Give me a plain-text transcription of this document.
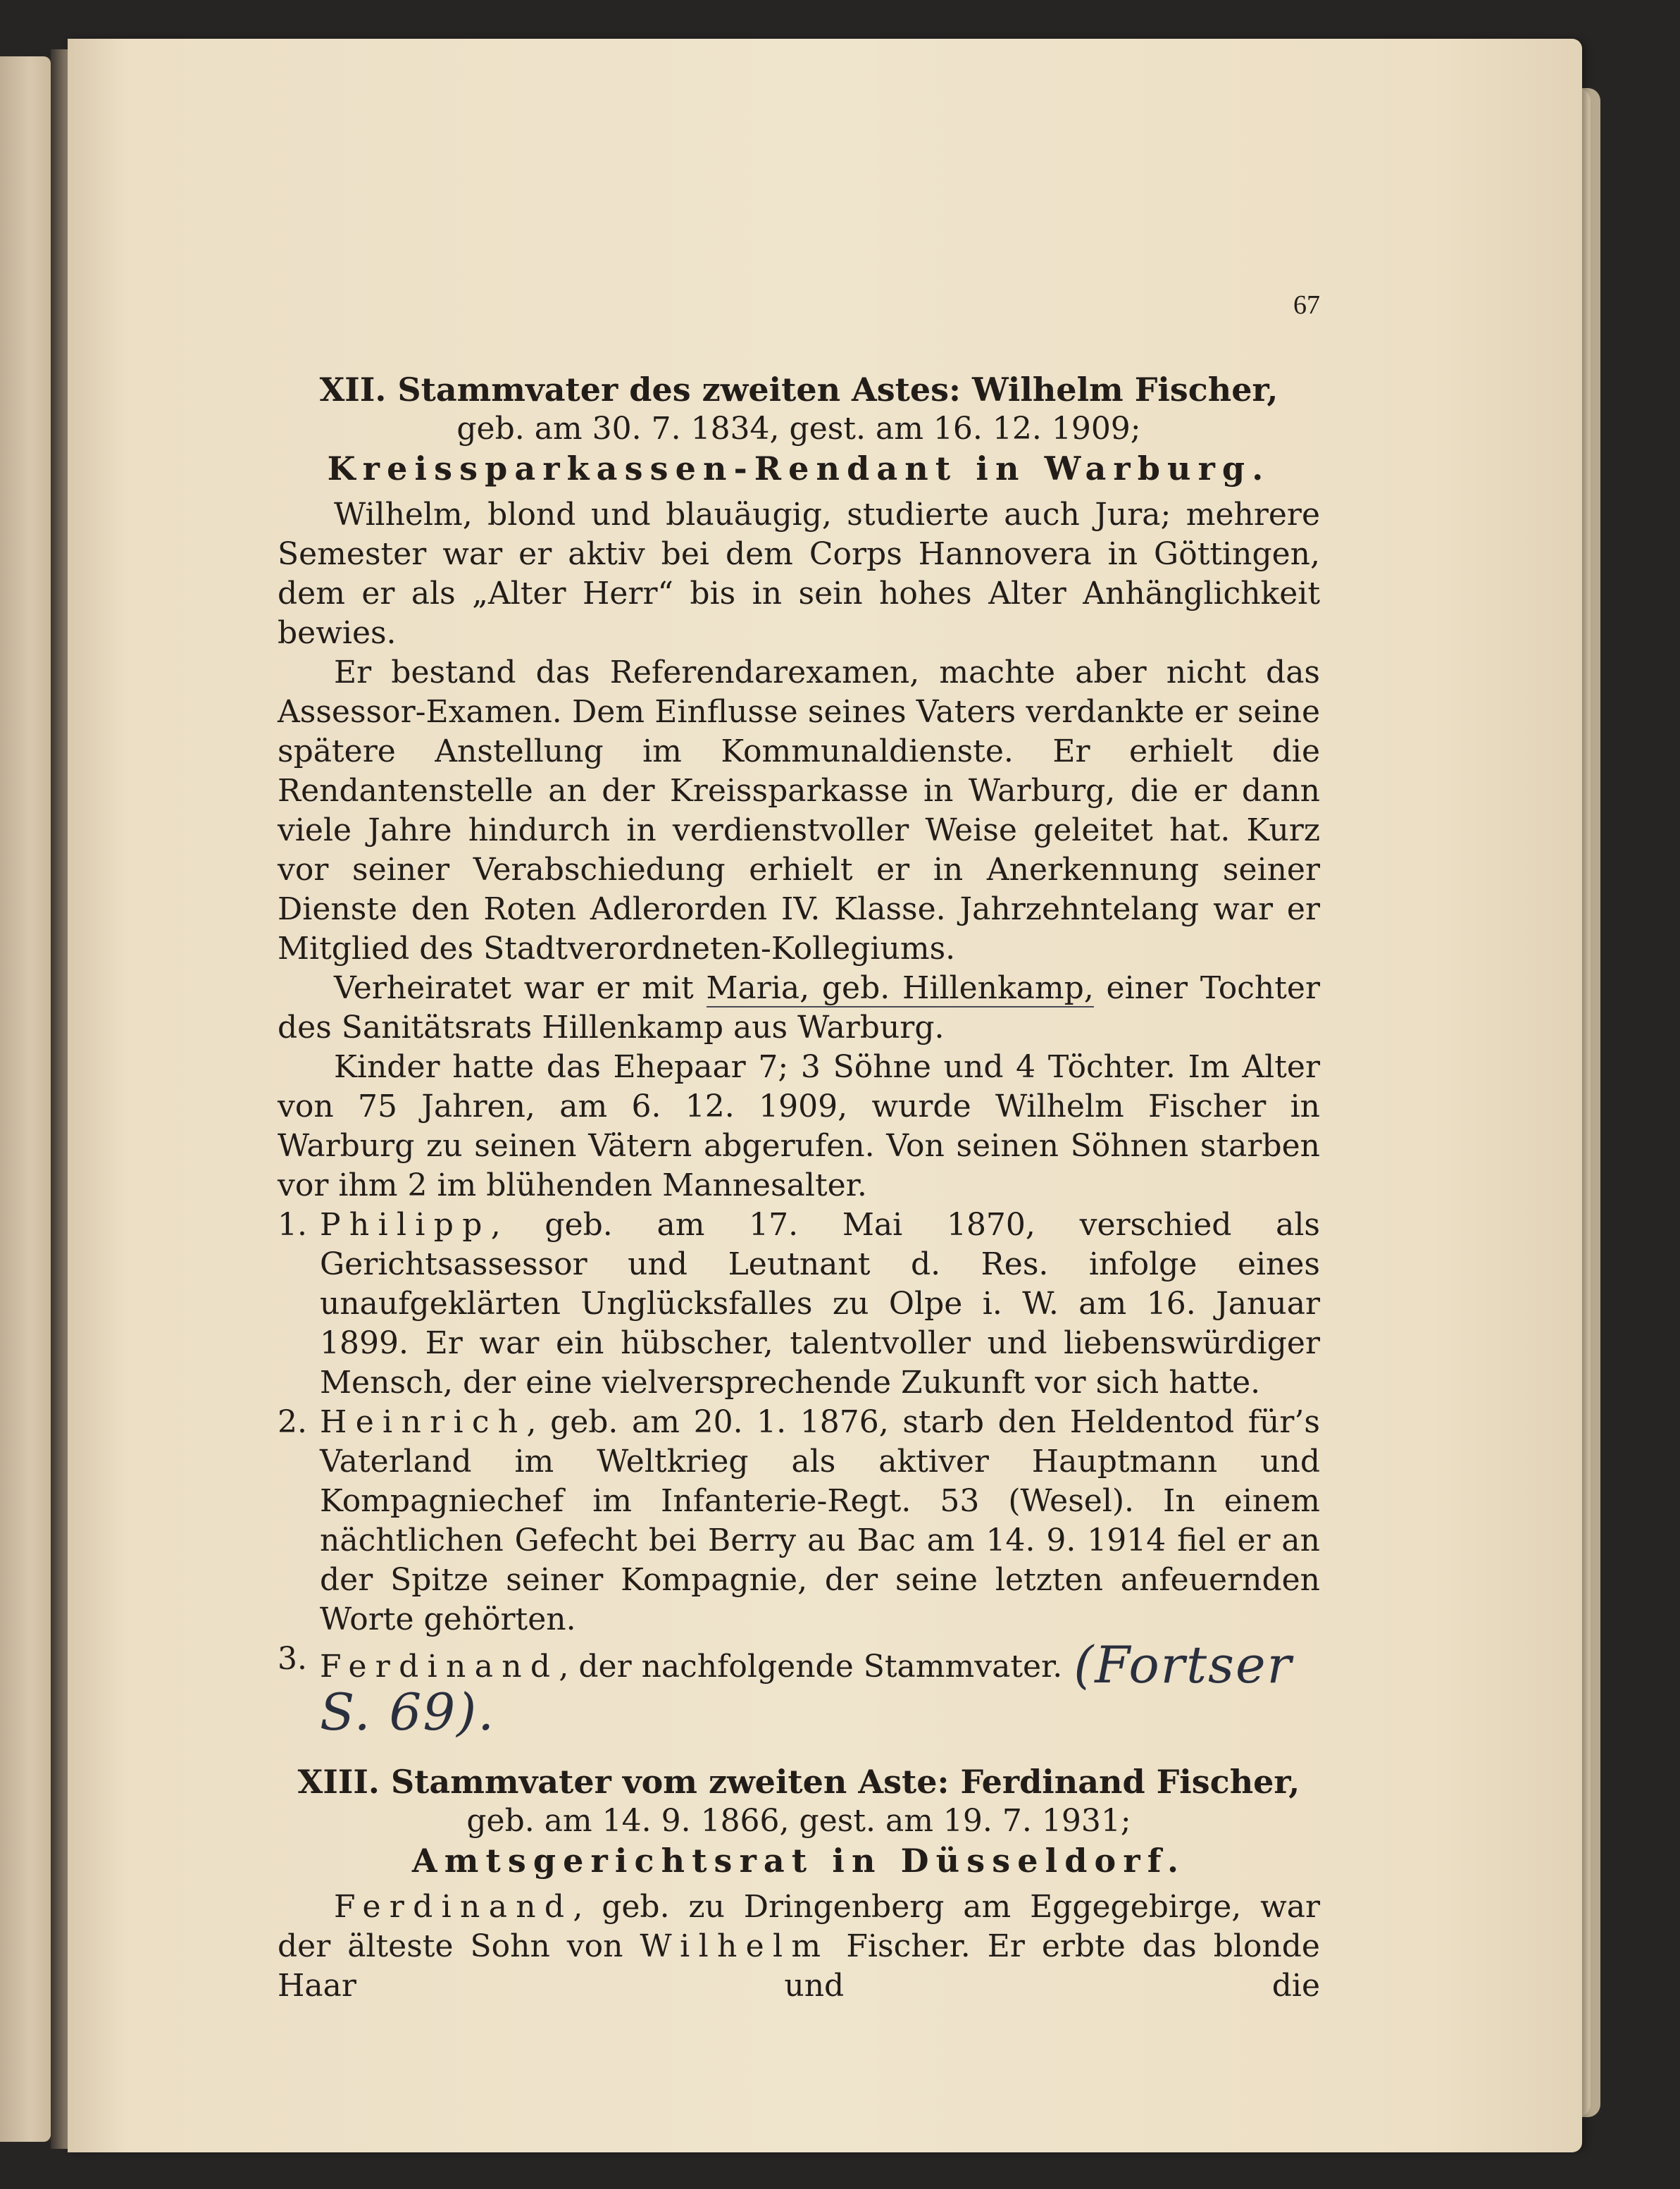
67

XII. Stammvater des zweiten Astes: Wilhelm Fischer,

geb. am 30. 7. 1834, gest. am 16. 12. 1909;

Kreissparkassen-Rendant in Warburg.

Wilhelm, blond und blauäugig, studierte auch Jura; mehrere Semester war er aktiv bei dem Corps Hannovera in Göttingen, dem er als „Alter Herr“ bis in sein hohes Alter Anhänglichkeit bewies.

Er bestand das Referendarexamen, machte aber nicht das Assessor-Examen. Dem Einflusse seines Vaters verdankte er seine spätere Anstellung im Kommunaldienste. Er erhielt die Rendantenstelle an der Kreissparkasse in Warburg, die er dann viele Jahre hindurch in verdienstvoller Weise geleitet hat. Kurz vor seiner Verabschiedung erhielt er in Anerkennung seiner Dienste den Roten Adlerorden IV. Klasse. Jahrzehntelang war er Mitglied des Stadtverordneten-Kollegiums.

Verheiratet war er mit Maria, geb. Hillenkamp, einer Tochter des Sanitätsrats Hillenkamp aus Warburg.

Kinder hatte das Ehepaar 7; 3 Söhne und 4 Töchter. Im Alter von 75 Jahren, am 6. 12. 1909, wurde Wilhelm Fischer in Warburg zu seinen Vätern abgerufen. Von seinen Söhnen starben vor ihm 2 im blühenden Mannesalter.

1. Philipp, geb. am 17. Mai 1870, verschied als Gerichtsassessor und Leutnant d. Res. infolge eines unaufgeklärten Unglücksfalles zu Olpe i. W. am 16. Januar 1899. Er war ein hübscher, talentvoller und liebenswürdiger Mensch, der eine vielversprechende Zukunft vor sich hatte.
2. Heinrich, geb. am 20. 1. 1876, starb den Heldentod für’s Vaterland im Weltkrieg als aktiver Hauptmann und Kompagniechef im Infanterie-Regt. 53 (Wesel). In einem nächtlichen Gefecht bei Berry au Bac am 14. 9. 1914 fiel er an der Spitze seiner Kompagnie, der seine letzten anfeuernden Worte gehörten.
3. Ferdinand, der nachfolgende Stammvater. (Fortser S. 69).

XIII. Stammvater vom zweiten Aste: Ferdinand Fischer,

geb. am 14. 9. 1866, gest. am 19. 7. 1931;

Amtsgerichtsrat in Düsseldorf.

Ferdinand, geb. zu Dringenberg am Eggegebirge, war der älteste Sohn von Wilhelm Fischer. Er erbte das blonde Haar und die
